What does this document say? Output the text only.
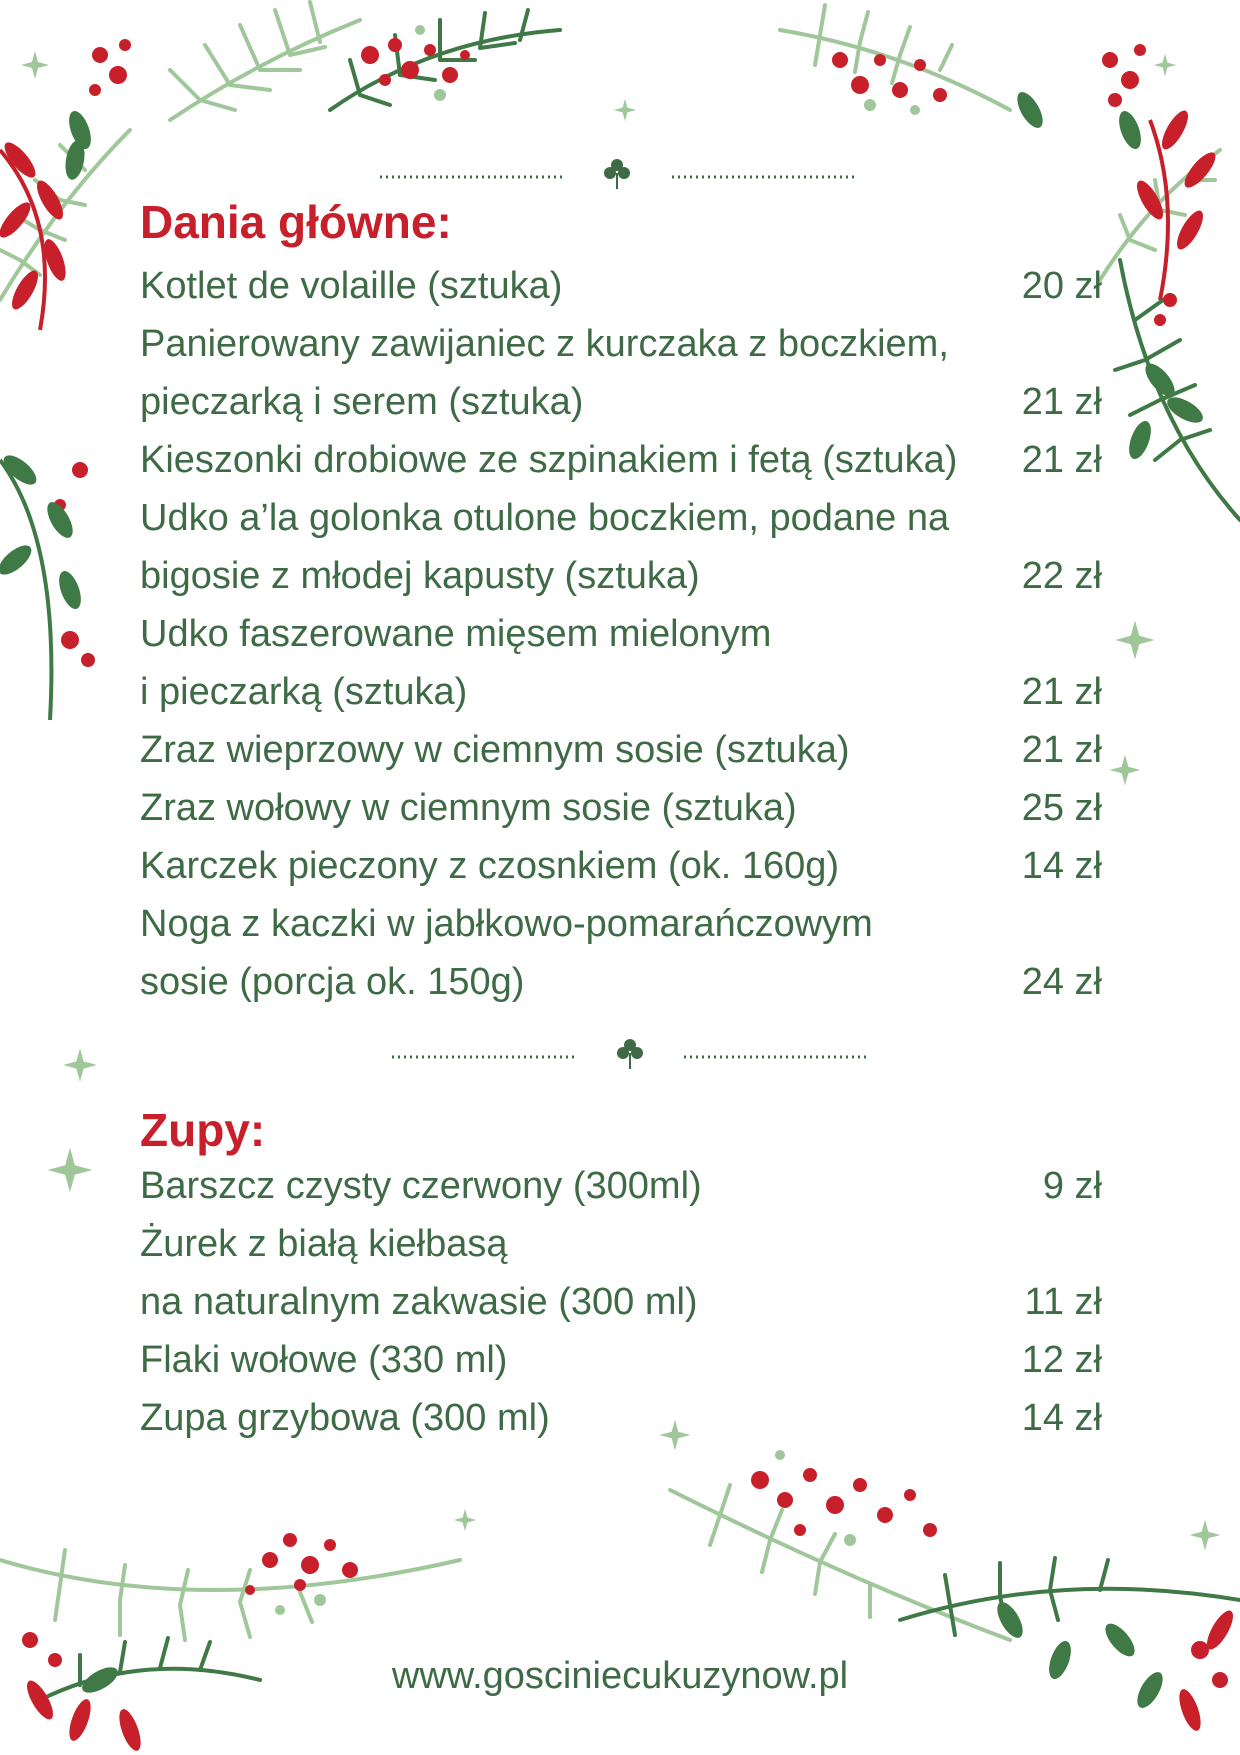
Dania główne:
Kotlet de volaille (sztuka)	20 zł
Panierowany zawijaniec z kurczaka z boczkiem,
pieczarką i serem (sztuka)	21 zł
Kieszonki drobiowe ze szpinakiem i fetą (sztuka)	21 zł
Udko a’la golonka otulone boczkiem, podane na
bigosie z młodej kapusty (sztuka)	22 zł
Udko faszerowane mięsem mielonym
i pieczarką (sztuka)	21 zł
Zraz wieprzowy w ciemnym sosie (sztuka)	21 zł
Zraz wołowy w ciemnym sosie (sztuka)	25 zł
Karczek pieczony z czosnkiem (ok. 160g)	14 zł
Noga z kaczki w jabłkowo-pomarańczowym
sosie (porcja ok. 150g)	24 zł
Zupy:
Barszcz czysty czerwony (300ml)	9 zł
Żurek z białą kiełbasą
na naturalnym zakwasie (300 ml)	11 zł
Flaki wołowe (330 ml)	12 zł
Zupa grzybowa (300 ml)	14 zł
www.gosciniecukuzynow.pl
